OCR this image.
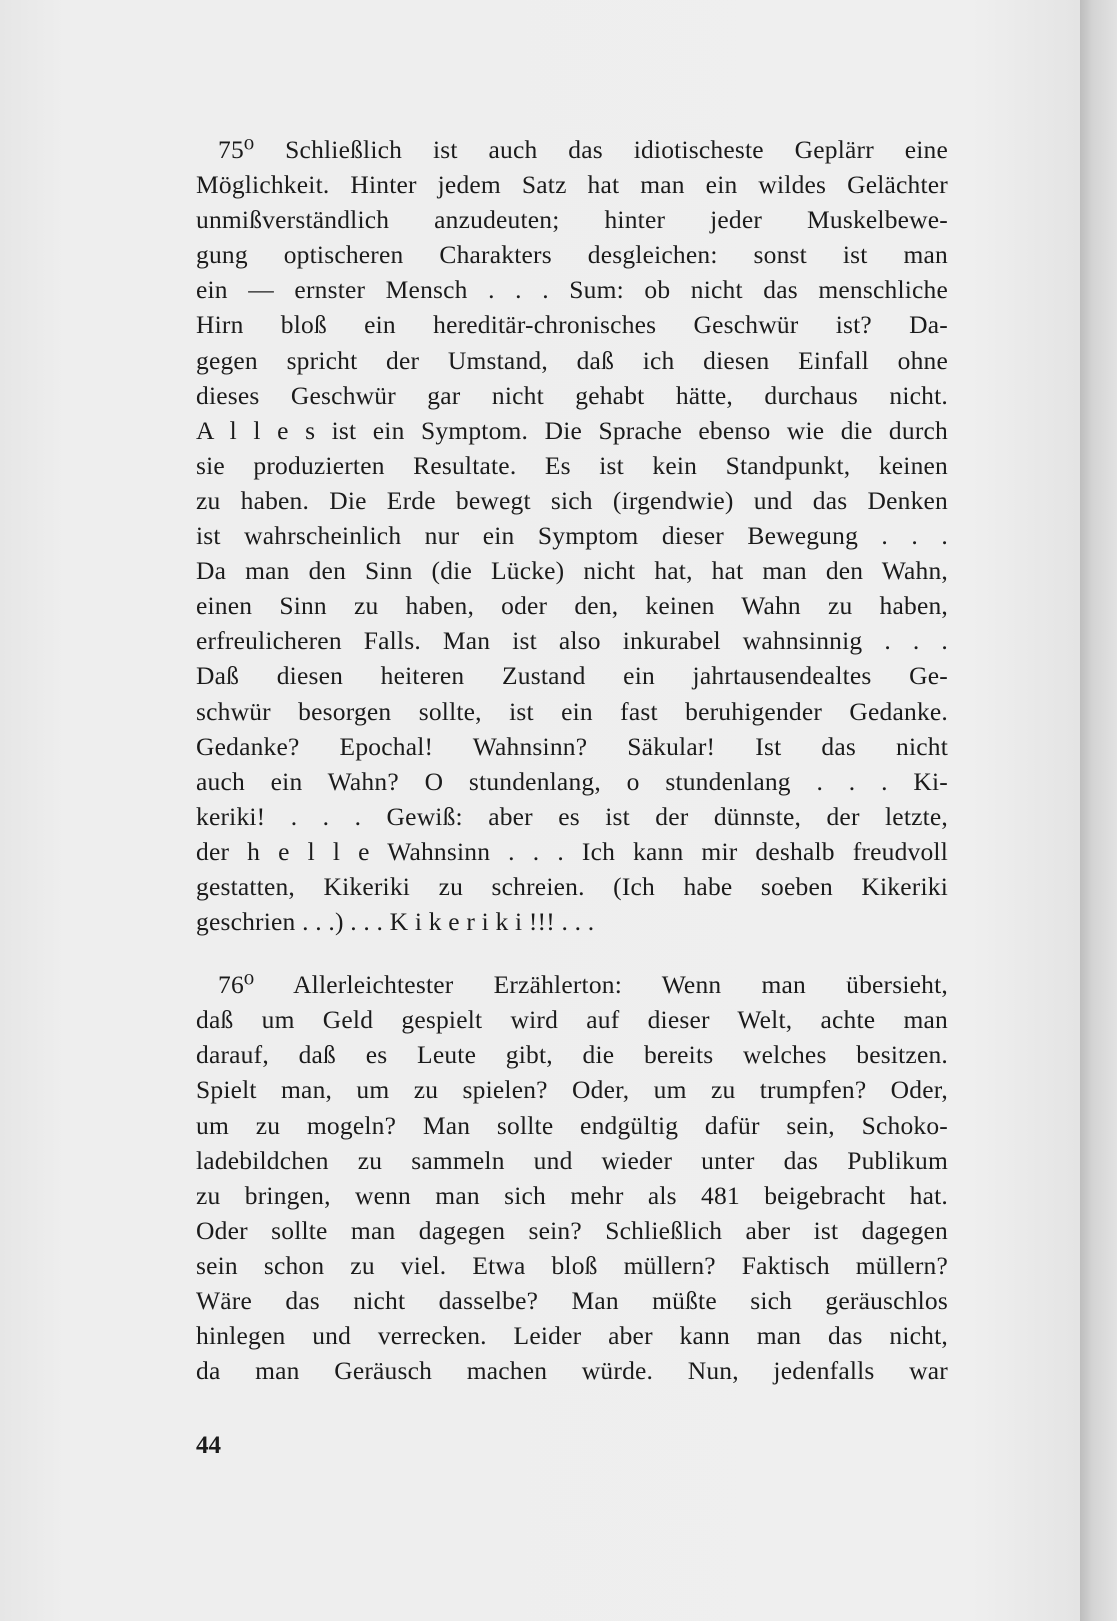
75⁰ Schließlich ist auch das idiotischeste Geplärr eine
Möglichkeit. Hinter jedem Satz hat man ein wildes Gelächter
unmißverständlich anzudeuten; hinter jeder Muskelbewe-
gung optischeren Charakters desgleichen: sonst ist man
ein — ernster Mensch . . . Sum: ob nicht das menschliche
Hirn bloß ein hereditär-chronisches Geschwür ist? Da-
gegen spricht der Umstand, daß ich diesen Einfall ohne
dieses Geschwür gar nicht gehabt hätte, durchaus nicht.
A l l e s ist ein Symptom. Die Sprache ebenso wie die durch
sie produzierten Resultate. Es ist kein Standpunkt, keinen
zu haben. Die Erde bewegt sich (irgendwie) und das Denken
ist wahrscheinlich nur ein Symptom dieser Bewegung . . .
Da man den Sinn (die Lücke) nicht hat, hat man den Wahn,
einen Sinn zu haben, oder den, keinen Wahn zu haben,
erfreulicheren Falls. Man ist also inkurabel wahnsinnig . . .
Daß diesen heiteren Zustand ein jahrtausendealtes Ge-
schwür besorgen sollte, ist ein fast beruhigender Gedanke.
Gedanke? Epochal! Wahnsinn? Säkular! Ist das nicht
auch ein Wahn? O stundenlang, o stundenlang . . . Ki-
keriki! . . . Gewiß: aber es ist der dünnste, der letzte,
der h e l l e Wahnsinn . . . Ich kann mir deshalb freudvoll
gestatten, Kikeriki zu schreien. (Ich habe soeben Kikeriki
geschrien . . .) . . . K i k e r i k i !!! . . .
76⁰ Allerleichtester Erzählerton: Wenn man übersieht,
daß um Geld gespielt wird auf dieser Welt, achte man
darauf, daß es Leute gibt, die bereits welches besitzen.
Spielt man, um zu spielen? Oder, um zu trumpfen? Oder,
um zu mogeln? Man sollte endgültig dafür sein, Schoko-
ladebildchen zu sammeln und wieder unter das Publikum
zu bringen, wenn man sich mehr als 481 beigebracht hat.
Oder sollte man dagegen sein? Schließlich aber ist dagegen
sein schon zu viel. Etwa bloß müllern? Faktisch müllern?
Wäre das nicht dasselbe? Man müßte sich geräuschlos
hinlegen und verrecken. Leider aber kann man das nicht,
da man Geräusch machen würde. Nun, jedenfalls war
44
